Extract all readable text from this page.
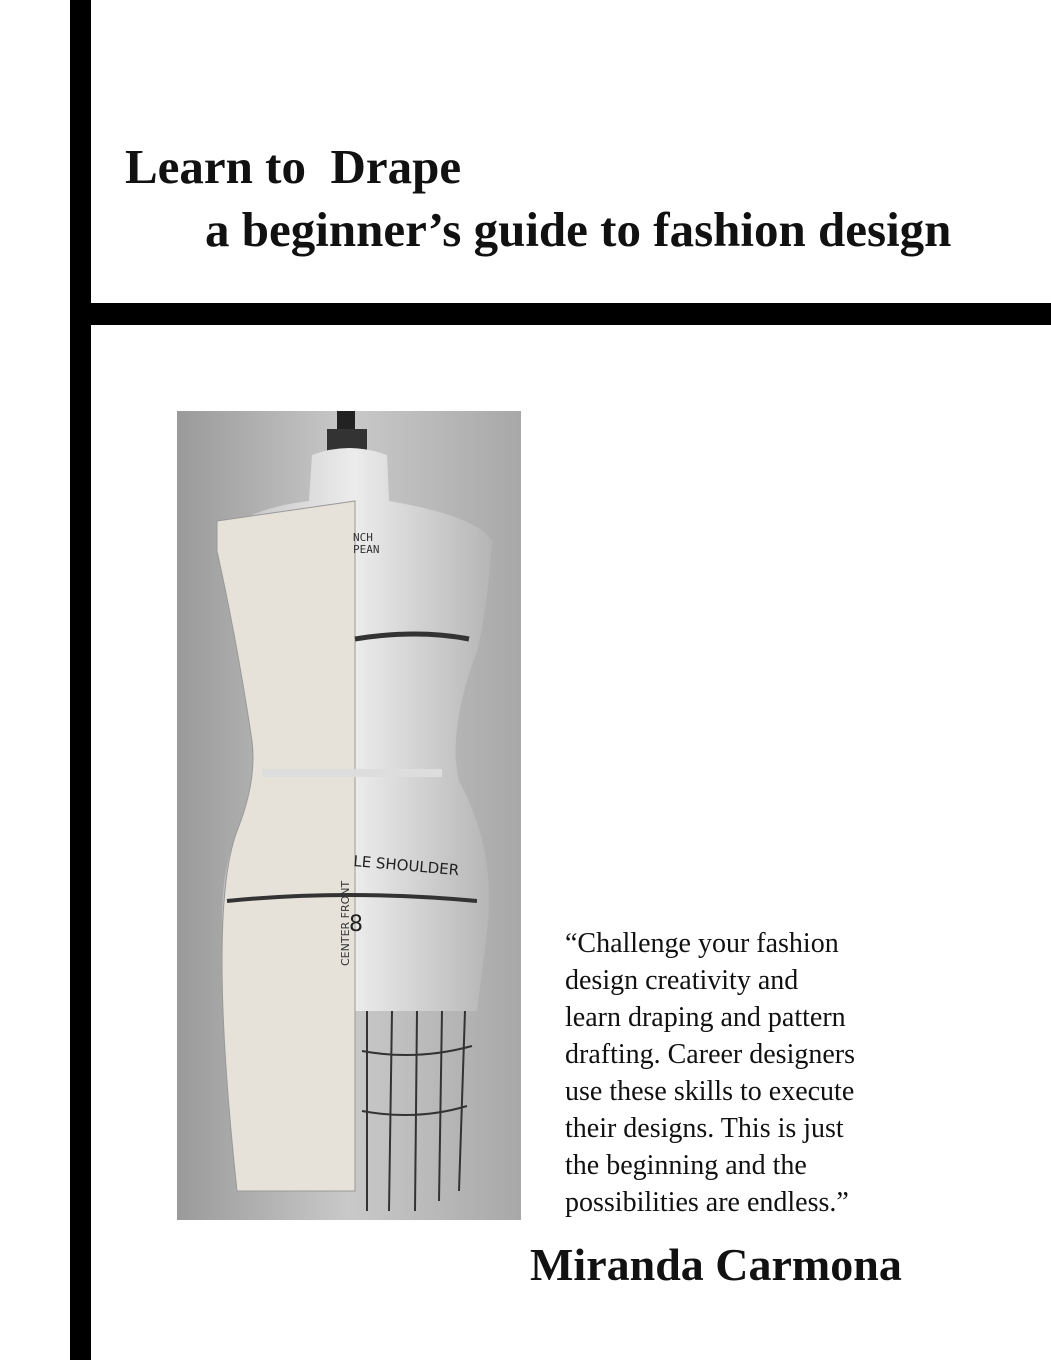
Learn to  Drape
a beginner’s guide to fashion design
NCH
PEAN
LE SHOULDER
8
CENTER FRONT	“Challenge your fashion
design creativity and
learn draping and pattern
drafting. Career designers
use these skills to execute
their designs. This is just
the beginning and the
possibilities are endless.”
Miranda Carmona
